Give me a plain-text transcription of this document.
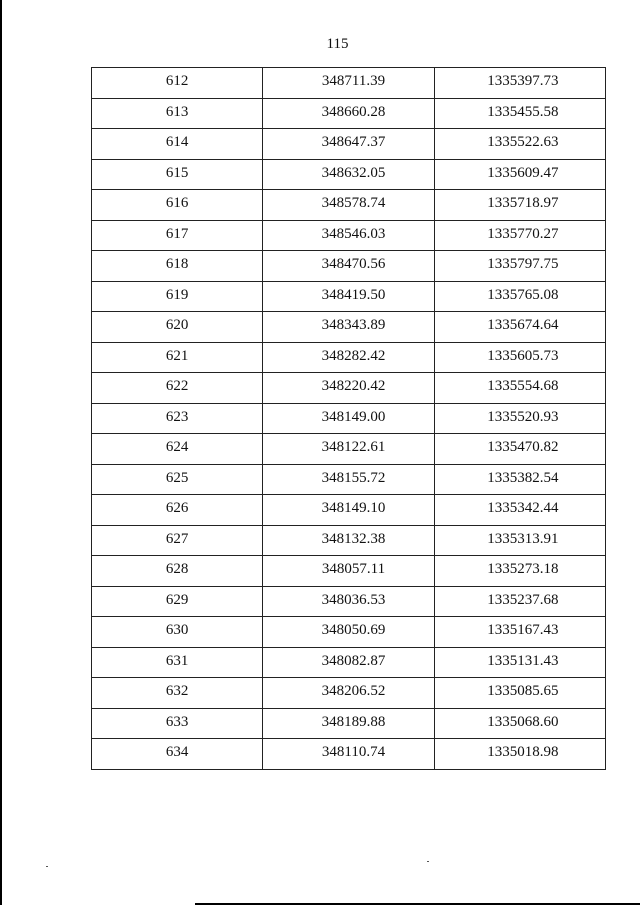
115
612	348711.39	1335397.73
613	348660.28	1335455.58
614	348647.37	1335522.63
615	348632.05	1335609.47
616	348578.74	1335718.97
617	348546.03	1335770.27
618	348470.56	1335797.75
619	348419.50	1335765.08
620	348343.89	1335674.64
621	348282.42	1335605.73
622	348220.42	1335554.68
623	348149.00	1335520.93
624	348122.61	1335470.82
625	348155.72	1335382.54
626	348149.10	1335342.44
627	348132.38	1335313.91
628	348057.11	1335273.18
629	348036.53	1335237.68
630	348050.69	1335167.43
631	348082.87	1335131.43
632	348206.52	1335085.65
633	348189.88	1335068.60
634	348110.74	1335018.98
